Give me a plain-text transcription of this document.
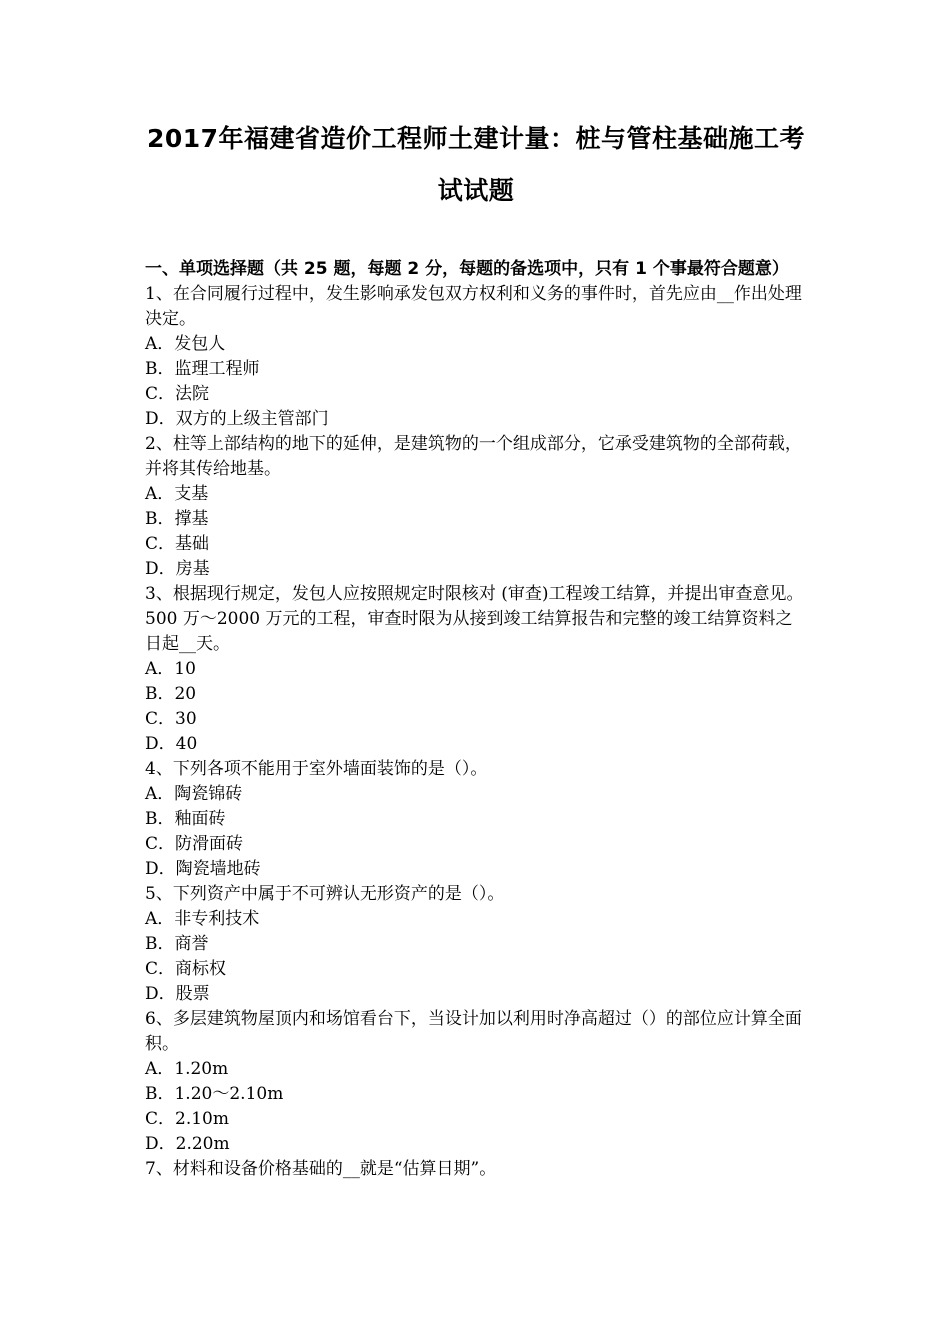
2017年福建省造价工程师土建计量：桩与管柱基础施工考
试试题
一、单项选择题（共 25 题，每题 2 分，每题的备选项中，只有 1 个事最符合题意）

1、在合同履行过程中，发生影响承发包双方权利和义务的事件时，首先应由__作出处理决定。

A．发包人

B．监理工程师

C．法院

D．双方的上级主管部门

2、柱等上部结构的地下的延伸，是建筑物的一个组成部分，它承受建筑物的全部荷载，并将其传给地基。

A．支基

B．撑基

C．基础

D．房基

3、根据现行规定，发包人应按照规定时限核对 (审查)工程竣工结算，并提出审查意见。500 万～2000 万元的工程，审查时限为从接到竣工结算报告和完整的竣工结算资料之日起__天。

A．10

B．20

C．30

D．40

4、下列各项不能用于室外墙面装饰的是（）。

A．陶瓷锦砖

B．釉面砖

C．防滑面砖

D．陶瓷墙地砖

5、下列资产中属于不可辨认无形资产的是（）。

A．非专利技术

B．商誉

C．商标权

D．股票

6、多层建筑物屋顶内和场馆看台下，当设计加以利用时净高超过（）的部位应计算全面积。

A．1.20m

B．1.20～2.10m

C．2.10m

D．2.20m

7、材料和设备价格基础的__就是“估算日期”。
